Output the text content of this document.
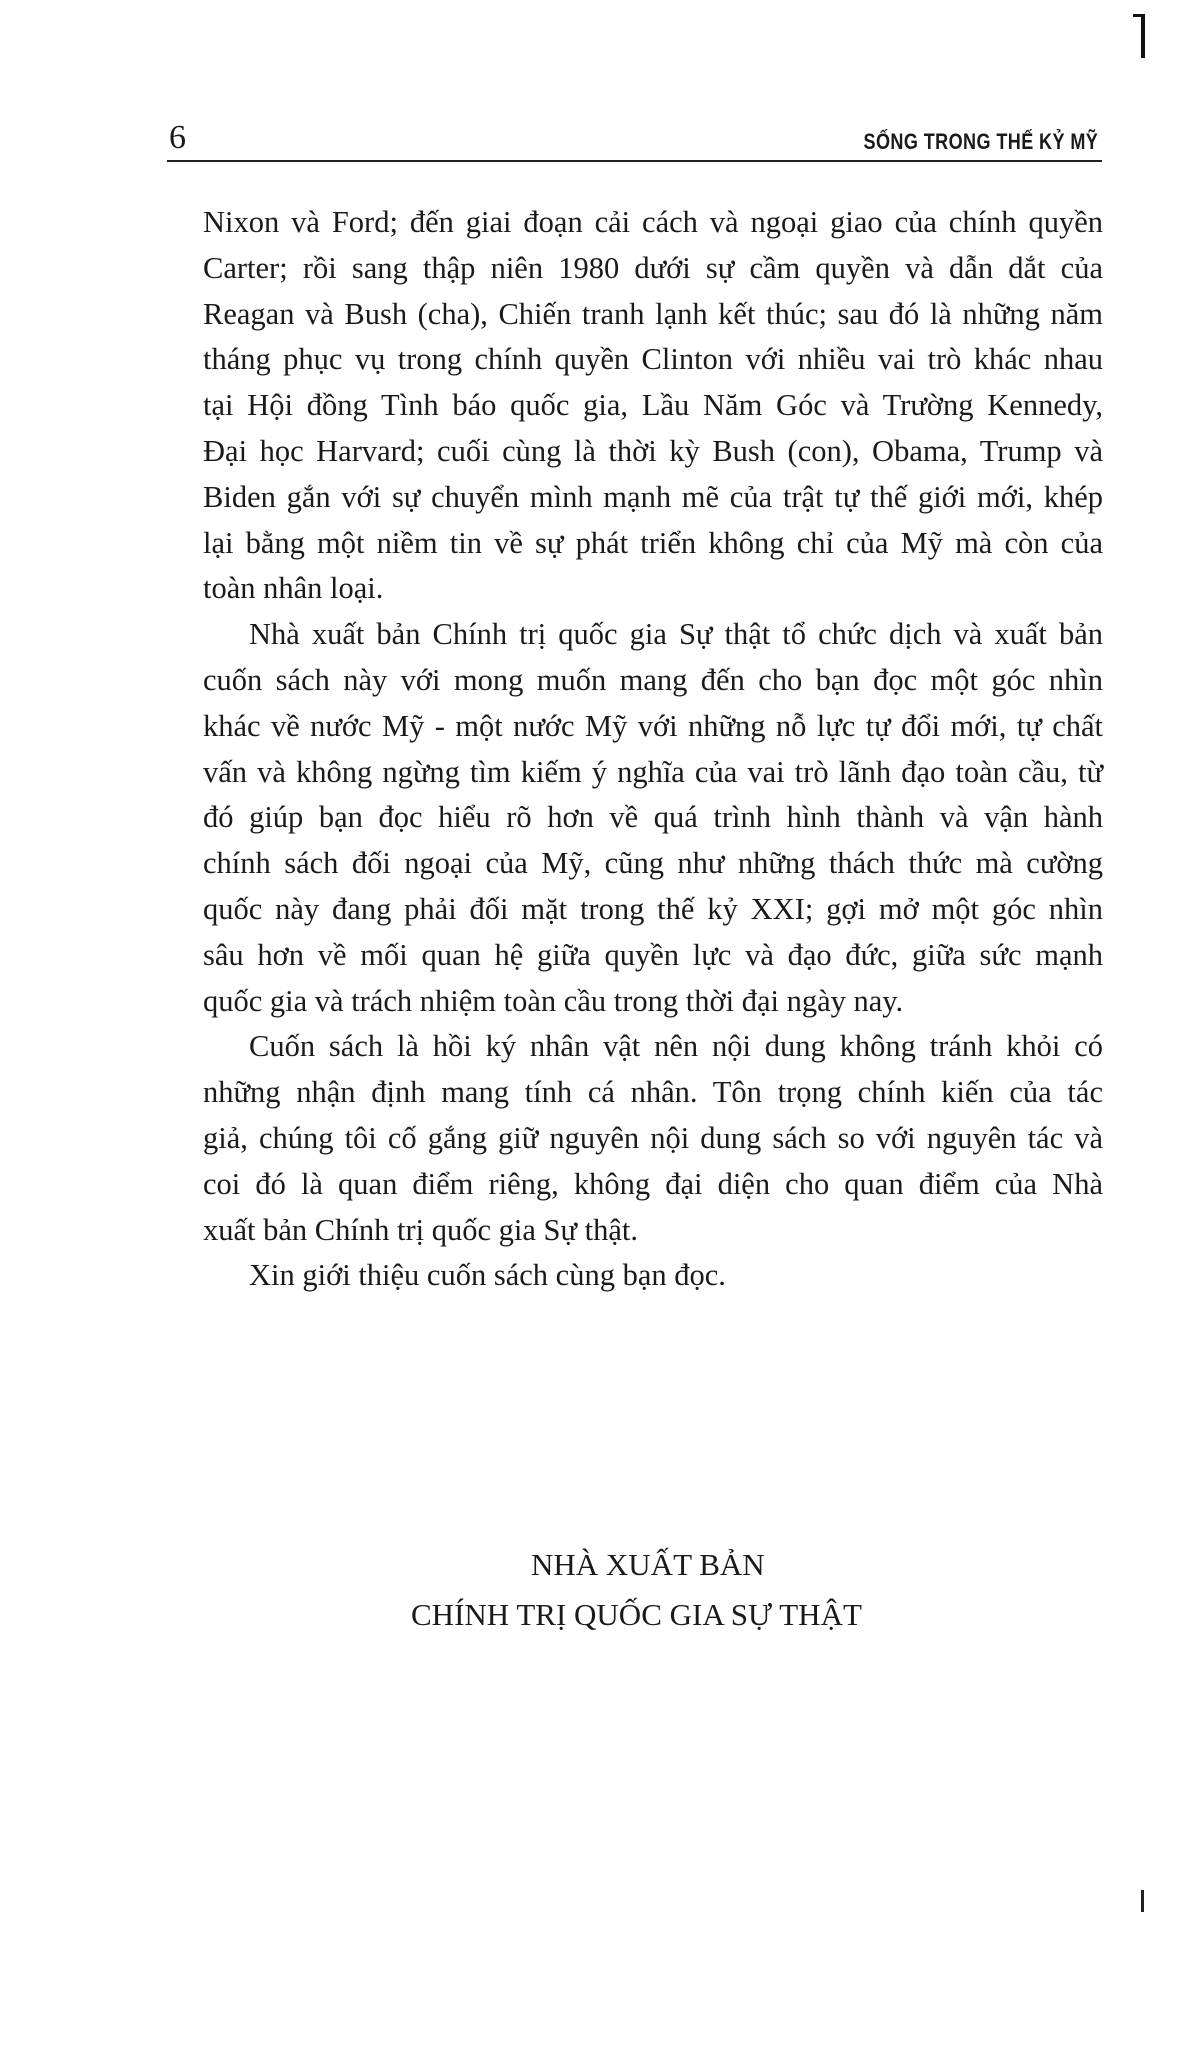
6	SỐNG TRONG THẾ KỶ MỸ
Nixon và Ford; đến giai đoạn cải cách và ngoại giao của chính quyền
Carter; rồi sang thập niên 1980 dưới sự cầm quyền và dẫn dắt của
Reagan và Bush (cha), Chiến tranh lạnh kết thúc; sau đó là những năm
tháng phục vụ trong chính quyền Clinton với nhiều vai trò khác nhau
tại Hội đồng Tình báo quốc gia, Lầu Năm Góc và Trường Kennedy,
Đại học Harvard; cuối cùng là thời kỳ Bush (con), Obama, Trump và
Biden gắn với sự chuyển mình mạnh mẽ của trật tự thế giới mới, khép
lại bằng một niềm tin về sự phát triển không chỉ của Mỹ mà còn của
toàn nhân loại.
Nhà xuất bản Chính trị quốc gia Sự thật tổ chức dịch và xuất bản
cuốn sách này với mong muốn mang đến cho bạn đọc một góc nhìn
khác về nước Mỹ - một nước Mỹ với những nỗ lực tự đổi mới, tự chất
vấn và không ngừng tìm kiếm ý nghĩa của vai trò lãnh đạo toàn cầu, từ
đó giúp bạn đọc hiểu rõ hơn về quá trình hình thành và vận hành
chính sách đối ngoại của Mỹ, cũng như những thách thức mà cường
quốc này đang phải đối mặt trong thế kỷ XXI; gợi mở một góc nhìn
sâu hơn về mối quan hệ giữa quyền lực và đạo đức, giữa sức mạnh
quốc gia và trách nhiệm toàn cầu trong thời đại ngày nay.
Cuốn sách là hồi ký nhân vật nên nội dung không tránh khỏi có
những nhận định mang tính cá nhân. Tôn trọng chính kiến của tác
giả, chúng tôi cố gắng giữ nguyên nội dung sách so với nguyên tác và
coi đó là quan điểm riêng, không đại diện cho quan điểm của Nhà
xuất bản Chính trị quốc gia Sự thật.
Xin giới thiệu cuốn sách cùng bạn đọc.
NHÀ XUẤT BẢN
CHÍNH TRỊ QUỐC GIA SỰ THẬT
